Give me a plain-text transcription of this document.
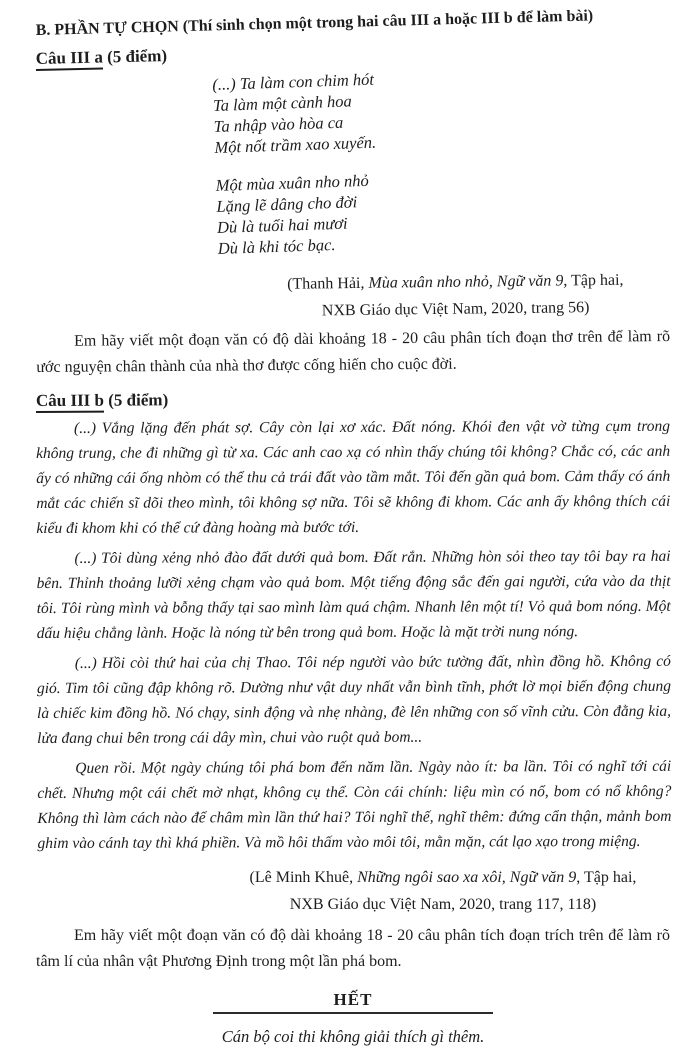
B. PHẦN TỰ CHỌN (Thí sinh chọn một trong hai câu III a hoặc III b để làm bài)
Câu III a (5 điểm)
(...) Ta làm con chim hót
Ta làm một cành hoa
Ta nhập vào hòa ca
Một nốt trầm xao xuyến.
Một mùa xuân nho nhỏ
Lặng lẽ dâng cho đời
Dù là tuổi hai mươi
Dù là khi tóc bạc.
(Thanh Hải, Mùa xuân nho nhỏ, Ngữ văn 9, Tập hai,
NXB Giáo dục Việt Nam, 2020, trang 56)

Em hãy viết một đoạn văn có độ dài khoảng 18 - 20 câu phân tích đoạn thơ trên để làm rõ ước nguyện chân thành của nhà thơ được cống hiến cho cuộc đời.

Câu III b (5 điểm)

(...) Vắng lặng đến phát sợ. Cây còn lại xơ xác. Đất nóng. Khói đen vật vờ từng cụm trong không trung, che đi những gì từ xa. Các anh cao xạ có nhìn thấy chúng tôi không? Chắc có, các anh ấy có những cái ống nhòm có thể thu cả trái đất vào tầm mắt. Tôi đến gần quả bom. Cảm thấy có ánh mắt các chiến sĩ dõi theo mình, tôi không sợ nữa. Tôi sẽ không đi khom. Các anh ấy không thích cái kiểu đi khom khi có thể cứ đàng hoàng mà bước tới.

(...) Tôi dùng xẻng nhỏ đào đất dưới quả bom. Đất rắn. Những hòn sỏi theo tay tôi bay ra hai bên. Thỉnh thoảng lưỡi xẻng chạm vào quả bom. Một tiếng động sắc đến gai người, cứa vào da thịt tôi. Tôi rùng mình và bỗng thấy tại sao mình làm quá chậm. Nhanh lên một tí! Vỏ quả bom nóng. Một dấu hiệu chẳng lành. Hoặc là nóng từ bên trong quả bom. Hoặc là mặt trời nung nóng.

(...) Hồi còi thứ hai của chị Thao. Tôi nép người vào bức tường đất, nhìn đồng hồ. Không có gió. Tim tôi cũng đập không rõ. Dường như vật duy nhất vẫn bình tĩnh, phớt lờ mọi biến động chung là chiếc kim đồng hồ. Nó chạy, sinh động và nhẹ nhàng, đè lên những con số vĩnh cửu. Còn đằng kia, lửa đang chui bên trong cái dây mìn, chui vào ruột quả bom...

Quen rồi. Một ngày chúng tôi phá bom đến năm lần. Ngày nào ít: ba lần. Tôi có nghĩ tới cái chết. Nhưng một cái chết mờ nhạt, không cụ thể. Còn cái chính: liệu mìn có nổ, bom có nổ không? Không thì làm cách nào để châm mìn lần thứ hai? Tôi nghĩ thế, nghĩ thêm: đứng cẩn thận, mảnh bom ghim vào cánh tay thì khá phiền. Và mồ hôi thấm vào môi tôi, mằn mặn, cát lạo xạo trong miệng.

(Lê Minh Khuê, Những ngôi sao xa xôi, Ngữ văn 9, Tập hai,
NXB Giáo dục Việt Nam, 2020, trang 117, 118)

Em hãy viết một đoạn văn có độ dài khoảng 18 - 20 câu phân tích đoạn trích trên để làm rõ tâm lí của nhân vật Phương Định trong một lần phá bom.

HẾT
Cán bộ coi thi không giải thích gì thêm.
